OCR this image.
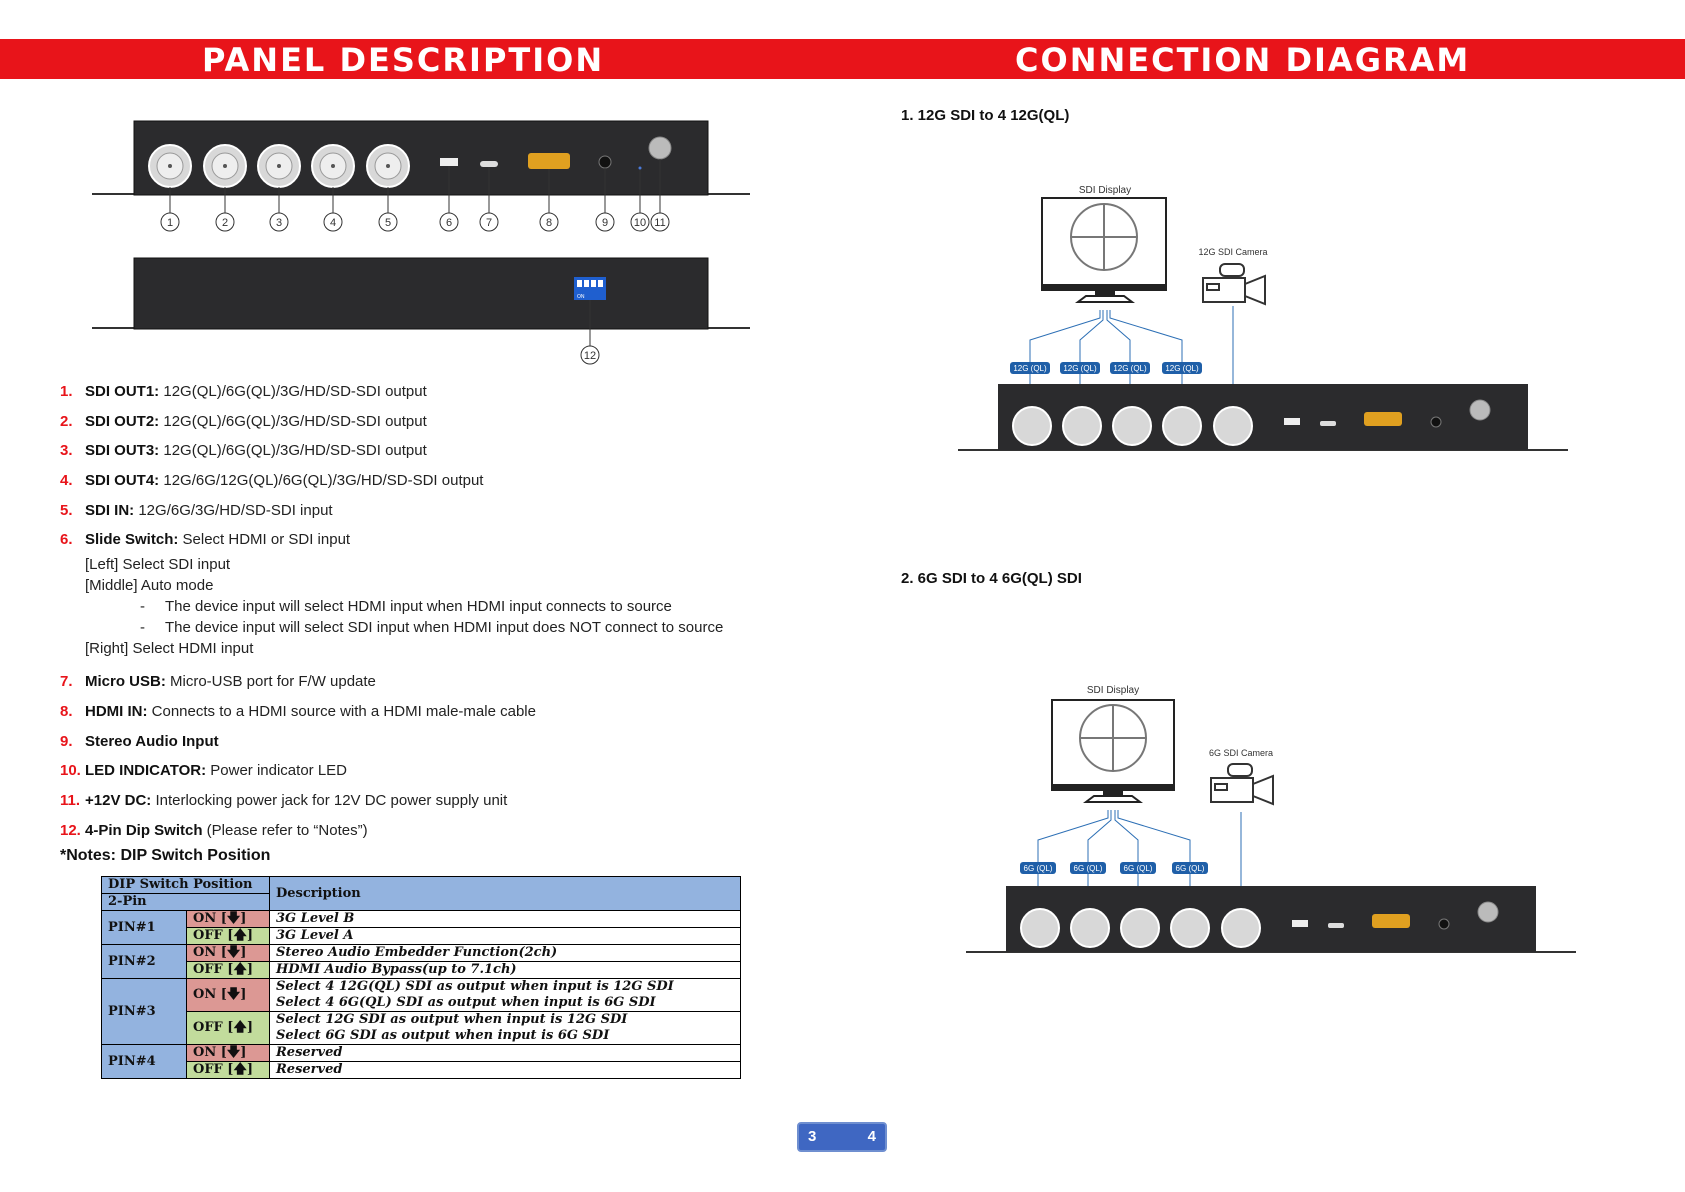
PANEL DESCRIPTION	CONNECTION DIAGRAM
1	2	3	4	5	6	7	8	9 10 11
ON
12
1. SDI OUT1: 12G(QL)/6G(QL)/3G/HD/SD-SDI output
2. SDI OUT2: 12G(QL)/6G(QL)/3G/HD/SD-SDI output
3. SDI OUT3: 12G(QL)/6G(QL)/3G/HD/SD-SDI output
4. SDI OUT4: 12G/6G/12G(QL)/6G(QL)/3G/HD/SD-SDI output
5. SDI IN: 12G/6G/3G/HD/SD-SDI input
6. Slide Switch: Select HDMI or SDI input
7. Micro USB: Micro-USB port for F/W update
8. HDMI IN: Connects to a HDMI source with a HDMI male-male cable
9. Stereo Audio Input
10. LED INDICATOR: Power indicator LED
11. +12V DC: Interlocking power jack for 12V DC power supply unit
12. 4-Pin Dip Switch (Please refer to “Notes”)
[Left] Select SDI input
[Middle] Auto mode
- The device input will select HDMI input when HDMI input connects to source
- The device input will select SDI input when HDMI input does NOT connect to source
[Right] Select HDMI input
*Notes: DIP Switch Position
DIP Switch Position		Description
2-Pin		
PIN#1	ON [🡇]	3G Level B
	OFF [🡅]	3G Level A
PIN#2	ON [🡇]	Stereo Audio Embedder Function(2ch)
	OFF [🡅]	HDMI Audio Bypass(up to 7.1ch)
PIN#3	ON [🡇]	Select 4 12G(QL) SDI as output when input is 12G SDI
Select 4 6G(QL) SDI as output when input is 6G SDI

	OFF [🡅]	Select 12G SDI as output when input is 12G SDI
Select 6G SDI as output when input is 6G SDI

PIN#4	ON [🡇]	Reserved
	OFF [🡅]	Reserved
1. 12G SDI to 4 12G(QL)
2. 6G SDI to 4 6G(QL) SDI
SDI Display
12G SDI Camera
12G (QL) 12G (QL) 12G (QL) 12G (QL)
SDI Display
6G SDI Camera
6G (QL)	6G (QL)	6G (QL)	6G (QL)
3	4
